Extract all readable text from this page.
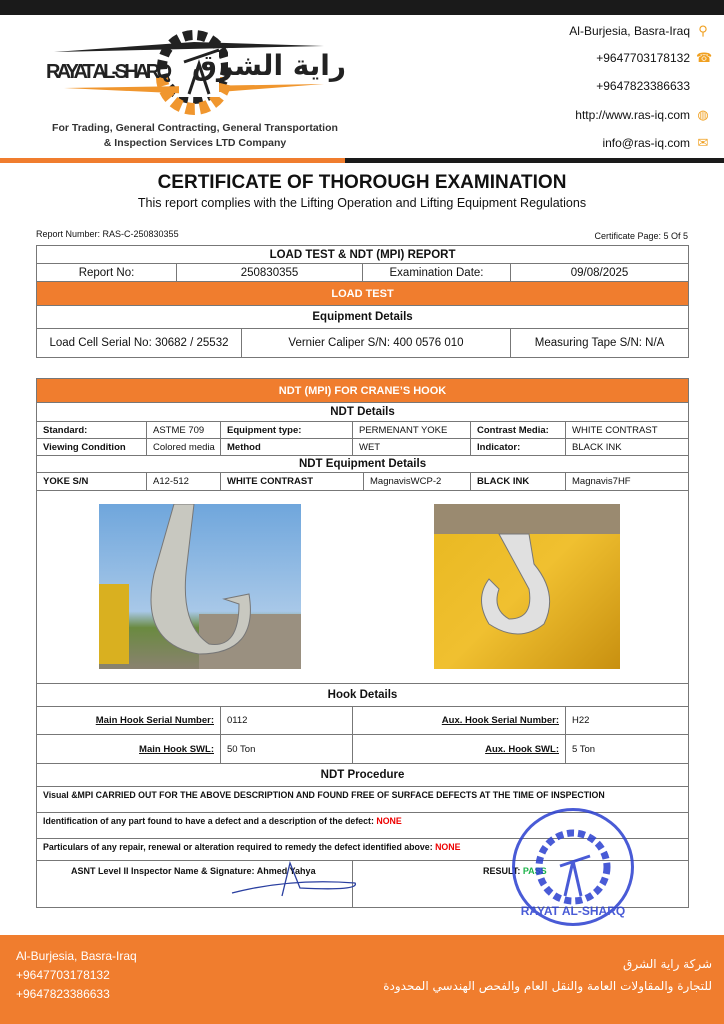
RAYAT AL-SHARQ راية الشرق
For Trading, General Contracting, General Transportation
& Inspection Services LTD Company
Al-Burjesia, Basra-Iraq ⚲
+9647703178132 ☎
+9647823386633
http://www.ras-iq.com ◍
info@ras-iq.com ✉
CERTIFICATE OF THOROUGH EXAMINATION
This report complies with the Lifting Operation and Lifting Equipment Regulations
Report Number: RAS-C-250830355	Certificate Page: 5 Of 5
LOAD TEST & NDT (MPI) REPORT				
Report No:	250830355		Examination Date:	09/08/2025
LOAD TEST				
Equipment Details				
Load Cell Serial No: 30682 / 25532		Vernier Caliper S/N: 400 0576 010		Measuring Tape S/N: N/A
NDT (MPI) FOR CRANE’S HOOK						
NDT Details						
Standard:	ASTME 709	Equipment type:	PERMENANT YOKE		Contrast Media:	WHITE CONTRAST
Viewing Condition	Colored media	Method	WET		Indicator:	BLACK INK
NDT Equipment Details						
YOKE S/N	A12-512	WHITE CONTRAST		MagnavisWCP-2	BLACK INK	Magnavis7HF

Hook Details						
Main Hook Serial Number:		0112	Aux. Hook Serial Number:			H22
Main Hook SWL:		50 Ton	Aux. Hook SWL:			5 Ton
NDT Procedure						
Visual &MPI CARRIED OUT FOR THE ABOVE DESCRIPTION AND FOUND FREE OF SURFACE DEFECTS AT THE TIME OF INSPECTION						
Identification of any part found to have a defect and a description of the defect: NONE						
Particulars of any repair, renewal or alteration required to remedy the defect identified above: NONE						
ASNT Level II Inspector Name & Signature: Ahmed Yahya			RESULT: PASS			
RAYAT AL-SHARQ
Al-Burjesia, Basra-Iraq
+9647703178132
+9647823386633
شركة راية الشرق
للتجارة والمقاولات العامة والنقل العام والفحص الهندسي المحدودة
